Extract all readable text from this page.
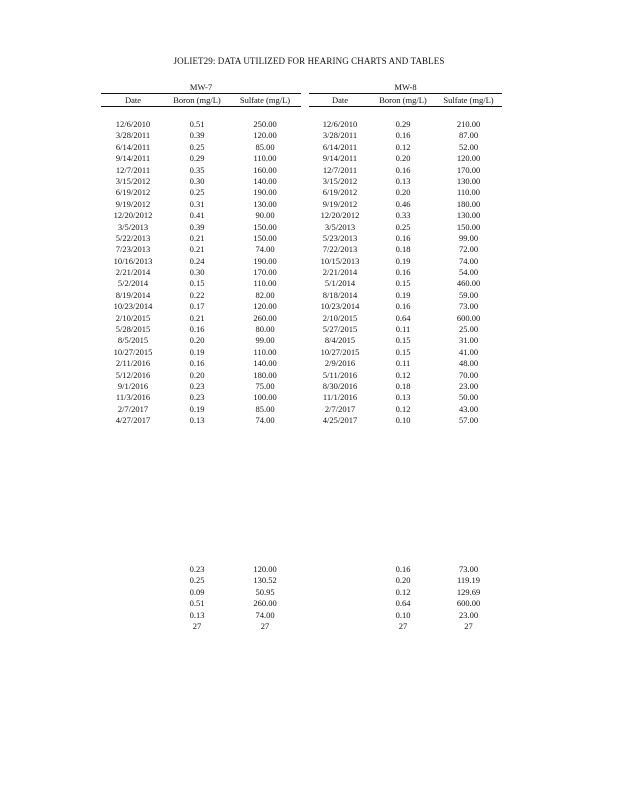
JOLIET29: DATA UTILIZED FOR HEARING CHARTS AND TABLES
MW-7
Date	Boron (mg/L)	Sulfate (mg/L)
MW-8
Date	Boron (mg/L)	Sulfate (mg/L)
12/6/2010	0.51	250.00
3/28/2011	0.39	120.00
6/14/2011	0.25	85.00
9/14/2011	0.29	110.00
12/7/2011	0.35	160.00
3/15/2012	0.30	140.00
6/19/2012	0.25	190.00
9/19/2012	0.31	130.00
12/20/2012	0.41	90.00
3/5/2013	0.39	150.00
5/22/2013	0.21	150.00
7/23/2013	0.21	74.00
10/16/2013	0.24	190.00
2/21/2014	0.30	170.00
5/2/2014	0.15	110.00
8/19/2014	0.22	82.00
10/23/2014	0.17	120.00
2/10/2015	0.21	260.00
5/28/2015	0.16	80.00
8/5/2015	0.20	99.00
10/27/2015	0.19	110.00
2/11/2016	0.16	140.00
5/12/2016	0.20	180.00
9/1/2016	0.23	75.00
11/3/2016	0.23	100.00
2/7/2017	0.19	85.00
4/27/2017	0.13	74.00
12/6/2010	0.29	210.00
3/28/2011	0.16	87.00
6/14/2011	0.12	52.00
9/14/2011	0.20	120.00
12/7/2011	0.16	170.00
3/15/2012	0.13	130.00
6/19/2012	0.20	110.00
9/19/2012	0.46	180.00
12/20/2012	0.33	130.00
3/5/2013	0.25	150.00
5/23/2013	0.16	99.00
7/22/2013	0.18	72.00
10/15/2013	0.19	74.00
2/21/2014	0.16	54.00
5/1/2014	0.15	460.00
8/18/2014	0.19	59.00
10/23/2014	0.16	73.00
2/10/2015	0.64	600.00
5/27/2015	0.11	25.00
8/4/2015	0.15	31.00
10/27/2015	0.15	41.00
2/9/2016	0.11	48.00
5/11/2016	0.12	70.00
8/30/2016	0.18	23.00
11/1/2016	0.13	50.00
2/7/2017	0.12	43.00
4/25/2017	0.10	57.00
0.23	120.00
0.25	130.52
0.09	50.95
0.51	260.00
0.13	74.00
27	27
0.16	73.00
0.20	119.19
0.12	129.69
0.64	600.00
0.10	23.00
27	27
